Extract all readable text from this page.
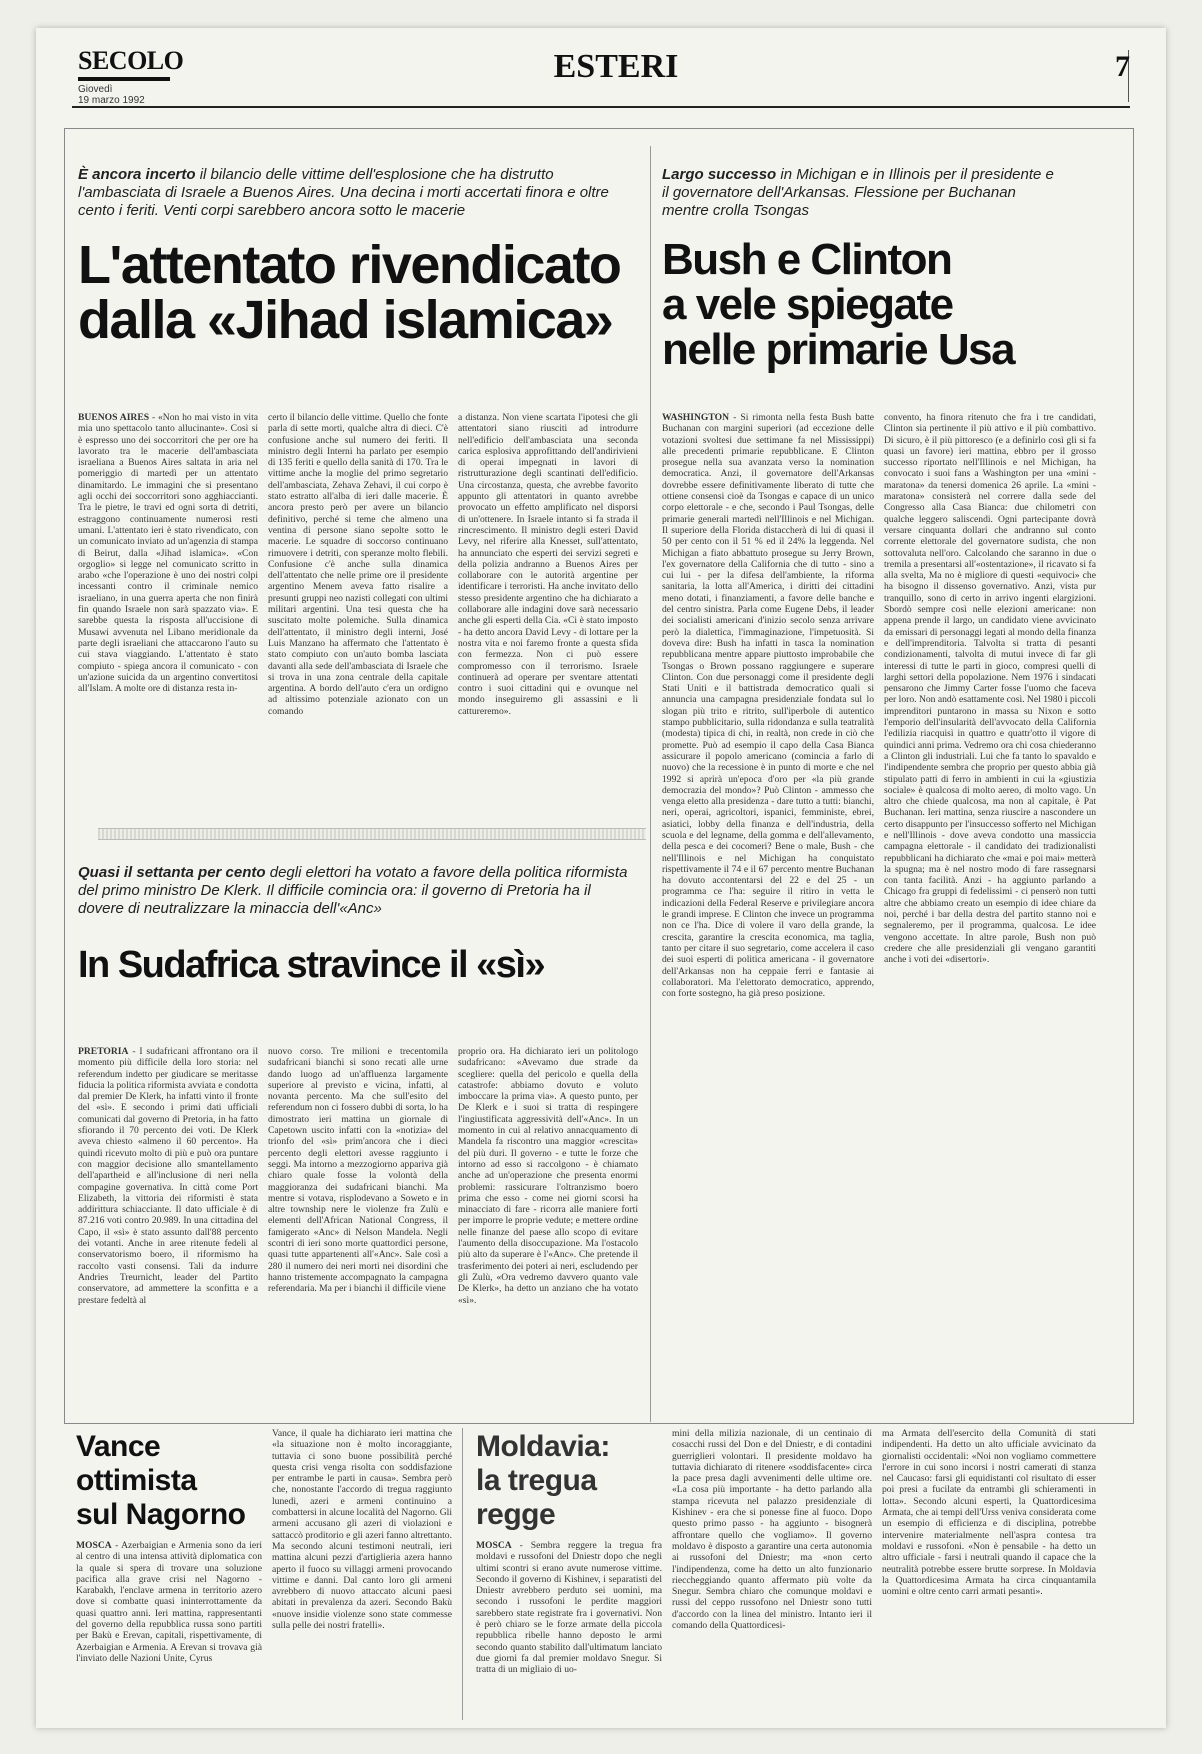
SECOLO
Giovedì
19 marzo 1992
ESTERI	7
È ancora incerto il bilancio delle vittime dell'esplosione che ha distrutto l'ambasciata di Israele a Buenos Aires. Una decina i morti accertati finora e oltre cento i feriti. Venti corpi sarebbero ancora sotto le macerie
L'attentato rivendicato
dalla «Jihad islamica»
BUENOS AIRES - «Non ho mai visto in vita mia uno spettacolo tanto allucinante». Così si è espresso uno dei soccorritori che per ore ha lavorato tra le macerie dell'ambasciata israeliana a Buenos Aires saltata in aria nel pomeriggio di martedì per un attentato dinamitardo. Le immagini che si presentano agli occhi dei soccorritori sono agghiaccianti. Tra le pietre, le travi ed ogni sorta di detriti, estraggono continuamente numerosi resti umani. L'attentato ieri è stato rivendicato, con un comunicato inviato ad un'agenzia di stampa di Beirut, dalla «Jihad islamica». «Con orgoglio» si legge nel comunicato scritto in arabo «che l'operazione è uno dei nostri colpi incessanti contro il criminale nemico israeliano, in una guerra aperta che non finirà fin quando Israele non sarà spazzato via». E sarebbe questa la risposta all'uccisione di Musawi avvenuta nel Libano meridionale da parte degli israeliani che attaccarono l'auto su cui stava viaggiando. L'attentato è stato compiuto - spiega ancora il comunicato - con un'azione suicida da un argentino convertitosi all'Islam. A molte ore di distanza resta in-
certo il bilancio delle vittime. Quello che fonte parla di sette morti, qualche altra di dieci. C'è confusione anche sul numero dei feriti. Il ministro degli Interni ha parlato per esempio di 135 feriti e quello della sanità di 170. Tra le vittime anche la moglie del primo segretario dell'ambasciata, Zehava Zehavi, il cui corpo è stato estratto all'alba di ieri dalle macerie. È ancora presto però per avere un bilancio definitivo, perché si teme che almeno una ventina di persone siano sepolte sotto le macerie. Le squadre di soccorso continuano rimuovere i detriti, con speranze molto flebili. Confusione c'è anche sulla dinamica dell'attentato che nelle prime ore il presidente argentino Menem aveva fatto risalire a presunti gruppi neo nazisti collegati con ultimi militari argentini. Una tesi questa che ha suscitato molte polemiche. Sulla dinamica dell'attentato, il ministro degli interni, José Luis Manzano ha affermato che l'attentato è stato compiuto con un'auto bomba lasciata davanti alla sede dell'ambasciata di Israele che si trova in una zona centrale della capitale argentina. A bordo dell'auto c'era un ordigno ad altissimo potenziale azionato con un comando
a distanza. Non viene scartata l'ipotesi che gli attentatori siano riusciti ad introdurre nell'edificio dell'ambasciata una seconda carica esplosiva approfittando dell'andirivieni di operai impegnati in lavori di ristrutturazione degli scantinati dell'edificio. Una circostanza, questa, che avrebbe favorito appunto gli attentatori in quanto avrebbe provocato un effetto amplificato nel disporsi di un'ottenere. In Israele intanto si fa strada il rincrescimento. Il ministro degli esteri David Levy, nel riferire alla Knesset, sull'attentato, ha annunciato che esperti dei servizi segreti e della polizia andranno a Buenos Aires per collaborare con le autorità argentine per identificare i terroristi. Ha anche invitato dello stesso presidente argentino che ha dichiarato a collaborare alle indagini dove sarà necessario anche gli esperti della Cia. «Ci è stato imposto - ha detto ancora David Levy - di lottare per la nostra vita e noi faremo fronte a questa sfida con fermezza. Non ci può essere compromesso con il terrorismo. Israele continuerà ad operare per sventare attentati contro i suoi cittadini qui e ovunque nel mondo inseguiremo gli assassini e li cattureremo».
Largo successo in Michigan e in Illinois per il presidente e il governatore dell'Arkansas. Flessione per Buchanan mentre crolla Tsongas
Bush e Clinton
a vele spiegate
nelle primarie Usa
WASHINGTON - Si rimonta nella festa Bush batte Buchanan con margini superiori (ad eccezione delle votazioni svoltesi due settimane fa nel Mississippi) alle precedenti primarie repubblicane. E Clinton prosegue nella sua avanzata verso la nomination democratica. Anzi, il governatore dell'Arkansas dovrebbe essere definitivamente liberato di tutte che ottiene consensi cioè da Tsongas e capace di un unico corpo elettorale - e che, secondo i Paul Tsongas, delle primarie generali martedì nell'Illinois e nel Michigan. Il superiore della Florida distaccherà di lui di quasi il 50 per cento con il 51 % ed il 24% la leggenda. Nel Michigan a fiato abbattuto prosegue su Jerry Brown, l'ex governatore della California che di tutto - sino a cui lui - per la difesa dell'ambiente, la riforma sanitaria, la lotta all'America, i diritti dei cittadini meno dotati, i finanziamenti, a favore delle banche e del centro sinistra. Parla come Eugene Debs, il leader dei socialisti americani d'inizio secolo senza arrivare però la dialettica, l'immaginazione, l'impetuosità. Si doveva dire: Bush ha infatti in tasca la nomination repubblicana mentre appare piuttosto improbabile che Tsongas o Brown possano raggiungere e superare Clinton. Con due personaggi come il presidente degli Stati Uniti e il battistrada democratico quali si annuncia una campagna presidenziale fondata sul lo slogan più trito e ritrito, sull'iperbole di autentico stampo pubblicitario, sulla ridondanza e sulla teatralità (modesta) tipica di chi, in realtà, non crede in ciò che promette. Può ad esempio il capo della Casa Bianca assicurare il popolo americano (comincia a farlo di nuovo) che la recessione è in punto di morte e che nel 1992 si aprirà un'epoca d'oro per «la più grande democrazia del mondo»? Può Clinton - ammesso che venga eletto alla presidenza - dare tutto a tutti: bianchi, neri, operai, agricoltori, ispanici, femministe, ebrei, asiatici, lobby della finanza e dell'industria, della scuola e del legname, della gomma e dell'allevamento, della pesca e dei cocomeri? Bene o male, Bush - che nell'Illinois e nel Michigan ha conquistato rispettivamente il 74 e il 67 percento mentre Buchanan ha dovuto accontentarsi del 22 e del 25 - un programma ce l'ha: seguire il ritiro in vetta le indicazioni della Federal Reserve e privilegiare ancora le grandi imprese. E Clinton che invece un programma non ce l'ha. Dice di volere il varo della grande, la crescita, garantire la crescita economica, ma taglia, tanto per citare il suo segretario, come accelera il caso dei suoi esperti di politica americana - il governatore dell'Arkansas non ha ceppaie ferri e fantasie ai collaboratori. Ma l'elettorato democratico, apprendo, con forte sostegno, ha già preso posizione.
convento, ha finora ritenuto che fra i tre candidati, Clinton sia pertinente il più attivo e il più combattivo. Di sicuro, è il più pittoresco (e a definirlo così gli si fa quasi un favore) ieri mattina, ebbro per il grosso successo riportato nell'Illinois e nel Michigan, ha convocato i suoi fans a Washington per una «mini - maratona» da tenersi domenica 26 aprile. La «mini - maratona» consisterà nel correre dalla sede del Congresso alla Casa Bianca: due chilometri con qualche leggero saliscendi. Ogni partecipante dovrà versare cinquanta dollari che andranno sul conto corrente elettorale del governatore sudista, che non sottovaluta nell'oro. Calcolando che saranno in due o tremila a presentarsi all'«ostentazione», il ricavato si fa alla svelta, Ma no è migliore di questi «equivoci» che ha bisogno il dissenso governativo. Anzi, vista pur tranquillo, sono di certo in arrivo ingenti elargizioni. Sbordò sempre così nelle elezioni americane: non appena prende il largo, un candidato viene avvicinato da emissari di personaggi legati al mondo della finanza e dell'imprenditoria. Talvolta si tratta di pesanti condizionamenti, talvolta di mutui invece di far gli interessi di tutte le parti in gioco, compresi quelli di larghi settori della popolazione. Nem 1976 i sindacati pensarono che Jimmy Carter fosse l'uomo che faceva per loro. Non andò esattamente così. Nel 1980 i piccoli imprenditori puntarono in massa su Nixon e sotto l'emporio dell'insularità dell'avvocato della California l'edilizia riacquisì in quattro e quattr'otto il vigore di quindici anni prima. Vedremo ora chi cosa chiederanno a Clinton gli industriali. Lui che fa tanto lo spavaldo e l'indipendente sembra che proprio per questo abbia già stipulato patti di ferro in ambienti in cui la «giustizia sociale» è qualcosa di molto aereo, di molto vago. Un altro che chiede qualcosa, ma non al capitale, è Pat Buchanan. Ieri mattina, senza riuscire a nascondere un certo disappunto per l'insuccesso sofferto nel Michigan e nell'Illinois - dove aveva condotto una massiccia campagna elettorale - il candidato dei tradizionalisti repubblicani ha dichiarato che «mai e poi mai» metterà la spugna; ma è nel nostro modo di fare rassegnarsi con tanta facilità. Anzi - ha aggiunto parlando a Chicago fra gruppi di fedelissimi - ci penserò non tutti altre che abbiamo creato un esempio di idee chiare da noi, perché i bar della destra del partito stanno noi e segnaleremo, per il programma, qualcosa. Le idee vengono accettate. In altre parole, Bush non può credere che alle presidenziali gli vengano garantiti anche i voti dei «disertori».
Quasi il settanta per cento degli elettori ha votato a favore della politica riformista del primo ministro De Klerk. Il difficile comincia ora: il governo di Pretoria ha il dovere di neutralizzare la minaccia dell'«Anc»
In Sudafrica stravince il «sì»
PRETORIA - I sudafricani affrontano ora il momento più difficile della loro storia: nel referendum indetto per giudicare se meritasse fiducia la politica riformista avviata e condotta dal premier De Klerk, ha infatti vinto il fronte del «sì». E secondo i primi dati ufficiali comunicati dal governo di Pretoria, in ha fatto sfiorando il 70 percento dei voti. De Klerk aveva chiesto «almeno il 60 percento». Ha quindi ricevuto molto di più e può ora puntare con maggior decisione allo smantellamento dell'apartheid e all'inclusione di neri nella compagine governativa. In città come Port Elizabeth, la vittoria dei riformisti è stata addirittura schiacciante. Il dato ufficiale è di 87.216 voti contro 20.989. In una cittadina del Capo, il «sì» è stato assunto dall'88 percento dei votanti. Anche in aree ritenute fedeli al conservatorismo boero, il riformismo ha raccolto vasti consensi. Tali da indurre Andries Treurnicht, leader del Partito conservatore, ad ammettere la sconfitta e a prestare fedeltà al
nuovo corso. Tre milioni e trecentomila sudafricani bianchi si sono recati alle urne dando luogo ad un'affluenza largamente superiore al previsto e vicina, infatti, al novanta percento. Ma che sull'esito del referendum non ci fossero dubbi di sorta, lo ha dimostrato ieri mattina un giornale di Capetown uscito infatti con la «notizia» del trionfo del «sì» prim'ancora che i dieci percento degli elettori avesse raggiunto i seggi. Ma intorno a mezzogiorno appariva già chiaro quale fosse la volontà della maggioranza dei sudafricani bianchi. Ma mentre si votava, risplodevano a Soweto e in altre township nere le violenze fra Zulù e elementi dell'African National Congress, il famigerato «Anc» di Nelson Mandela. Negli scontri di ieri sono morte quattordici persone, quasi tutte appartenenti all'«Anc». Sale così a 280 il numero dei neri morti nei disordini che hanno tristemente accompagnato la campagna referendaria. Ma per i bianchi il difficile viene
proprio ora. Ha dichiarato ieri un politologo sudafricano: «Avevamo due strade da scegliere: quella del pericolo e quella della catastrofe: abbiamo dovuto e voluto imboccare la prima via». A questo punto, per De Klerk e i suoi si tratta di respingere l'ingiustificata aggressività dell'«Anc». In un momento in cui al relativo annacquamento di Mandela fa riscontro una maggior «crescita» del più duri. Il governo - e tutte le forze che intorno ad esso si raccolgono - è chiamato anche ad un'operazione che presenta enormi problemi: rassicurare l'oltranzismo boero prima che esso - come nei giorni scorsi ha minacciato di fare - ricorra alle maniere forti per imporre le proprie vedute; e mettere ordine nelle finanze del paese allo scopo di evitare l'aumento della disoccupazione. Ma l'ostacolo più alto da superare è l'«Anc». Che pretende il trasferimento dei poteri ai neri, escludendo per gli Zulù, «Ora vedremo davvero quanto vale De Klerk», ha detto un anziano che ha votato «sì».
Vance
ottimista
sul Nagorno
MOSCA - Azerbaigian e Armenia sono da ieri al centro di una intensa attività diplomatica con la quale si spera di trovare una soluzione pacifica alla grave crisi nel Nagorno - Karabakh, l'enclave armena in territorio azero dove si combatte quasi ininterrottamente da quasi quattro anni. Ieri mattina, rappresentanti del governo della repubblica russa sono partiti per Bakù e Erevan, capitali, rispettivamente, di Azerbaigian e Armenia. A Erevan si trovava già l'inviato delle Nazioni Unite, Cyrus
Vance, il quale ha dichiarato ieri mattina che «la situazione non è molto incoraggiante, tuttavia ci sono buone possibilità perché questa crisi venga risolta con soddisfazione per entrambe le parti in causa». Sembra però che, nonostante l'accordo di tregua raggiunto lunedì, azeri e armeni continuino a combattersi in alcune località del Nagorno. Gli armeni accusano gli azeri di violazioni e sattaccò proditorio e gli azeri fanno altrettanto. Ma secondo alcuni testimoni neutrali, ieri mattina alcuni pezzi d'artiglieria azera hanno aperto il fuoco su villaggi armeni provocando vittime e danni. Dal canto loro gli armeni avrebbero di nuovo attaccato alcuni paesi abitati in prevalenza da azeri. Secondo Bakù «nuove insidie violenze sono state commesse sulla pelle dei nostri fratelli».
Moldavia:
la tregua
regge
MOSCA - Sembra reggere la tregua fra moldavi e russofoni del Dniestr dopo che negli ultimi scontri si erano avute numerose vittime. Secondo il governo di Kishinev, i separatisti del Dniestr avrebbero perduto sei uomini, ma secondo i russofoni le perdite maggiori sarebbero state registrate fra i governativi. Non è però chiaro se le forze armate della piccola repubblica ribelle hanno deposto le armi secondo quanto stabilito dall'ultimatum lanciato due giorni fa dal premier moldavo Snegur. Si tratta di un migliaio di uo-
mini della milizia nazionale, di un centinaio di cosacchi russi del Don e del Dniestr, e di contadini guerriglieri volontari. Il presidente moldavo ha tuttavia dichiarato di ritenere «soddisfacente» circa la pace presa dagli avvenimenti delle ultime ore. «La cosa più importante - ha detto parlando alla stampa ricevuta nel palazzo presidenziale di Kishinev - era che si ponesse fine al fuoco. Dopo questo primo passo - ha aggiunto - bisognerà affrontare quello che vogliamo». Il governo moldavo è disposto a garantire una certa autonomia ai russofoni del Dniestr; ma «non certo l'indipendenza, come ha detto un alto funzionario rieccheggiando quanto affermato più volte da Snegur. Sembra chiaro che comunque moldavi e russi del ceppo russofono nel Dniestr sono tutti d'accordo con la linea del ministro. Intanto ieri il comando della Quattordicesi-
ma Armata dell'esercito della Comunità di stati indipendenti. Ha detto un alto ufficiale avvicinato da giornalisti occidentali: «Noi non vogliamo commettere l'errore in cui sono incorsi i nostri camerati di stanza nel Caucaso: farsi gli equidistanti col risultato di esser poi presi a fucilate da entrambi gli schieramenti in lotta». Secondo alcuni esperti, la Quattordicesima Armata, che ai tempi dell'Urss veniva considerata come un esempio di efficienza e di disciplina, potrebbe intervenire materialmente nell'aspra contesa tra moldavi e russofoni. «Non è pensabile - ha detto un altro ufficiale - farsi i neutrali quando il capace che la neutralità potrebbe essere brutte sorprese. In Moldavia la Quattordicesima Armata ha circa cinquantamila uomini e oltre cento carri armati pesanti».
